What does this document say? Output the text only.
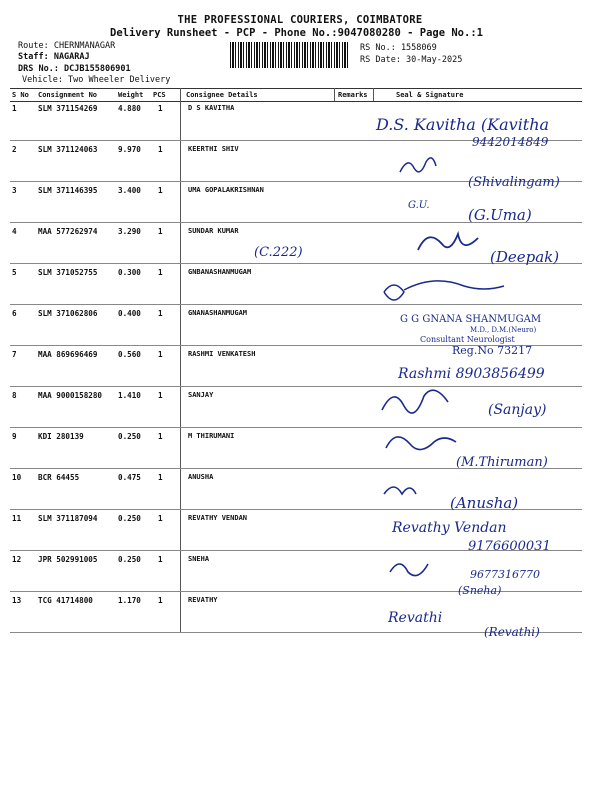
THE PROFESSIONAL COURIERS, COIMBATORE
Delivery Runsheet - PCP - Phone No.:9047080280 - Page No.:1
Route: CHERNMANAGAR
Staff: NAGARAJ
DRS No.: DCJB155806901
Vehicle: Two Wheeler Delivery
RS No.: 1558069
RS Date: 30-May-2025
S No Consignment No	Weight PCS	Consignee Details	Remarks	Seal & Signature
1	SLM 371154269	4.880 1	D S KAVITHA
2	SLM 371124063	9.970 1	KEERTHI SHIV
3	SLM 371146395	3.400 1	UMA GOPALAKRISHNAN
4	MAA 577262974	3.290 1	SUNDAR KUMAR
5	SLM 371052755	0.300 1	GNBANASHANMUGAM
6	SLM 371062806	0.400 1	GNANASHANMUGAM
7	MAA 869696469	0.560 1	RASHMI VENKATESH
8	MAA 9000158280 1.410 1	SANJAY
9	KDI 280139	0.250 1	M THIRUMANI
10 BCR 64455	0.475 1	ANUSHA
11 SLM 371187094	0.250 1	REVATHY VENDAN
12 JPR 502991005	0.250 1	SNEHA
13 TCG 41714800	1.170 1	REVATHY
D.S. Kavitha (Kavitha
9442014849
(Shivalingam)
G.U.
(G.Uma)
(C.222)	(Deepak)
G G GNANA SHANMUGAM
M.D., D.M.(Neuro)
Consultant Neurologist
Reg.No 73217
Rashmi 8903856499
(Sanjay)
(M.Thiruman)
(Anusha)
Revathy Vendan
9176600031
9677316770
(Sneha)
Revathi
(Revathi)
